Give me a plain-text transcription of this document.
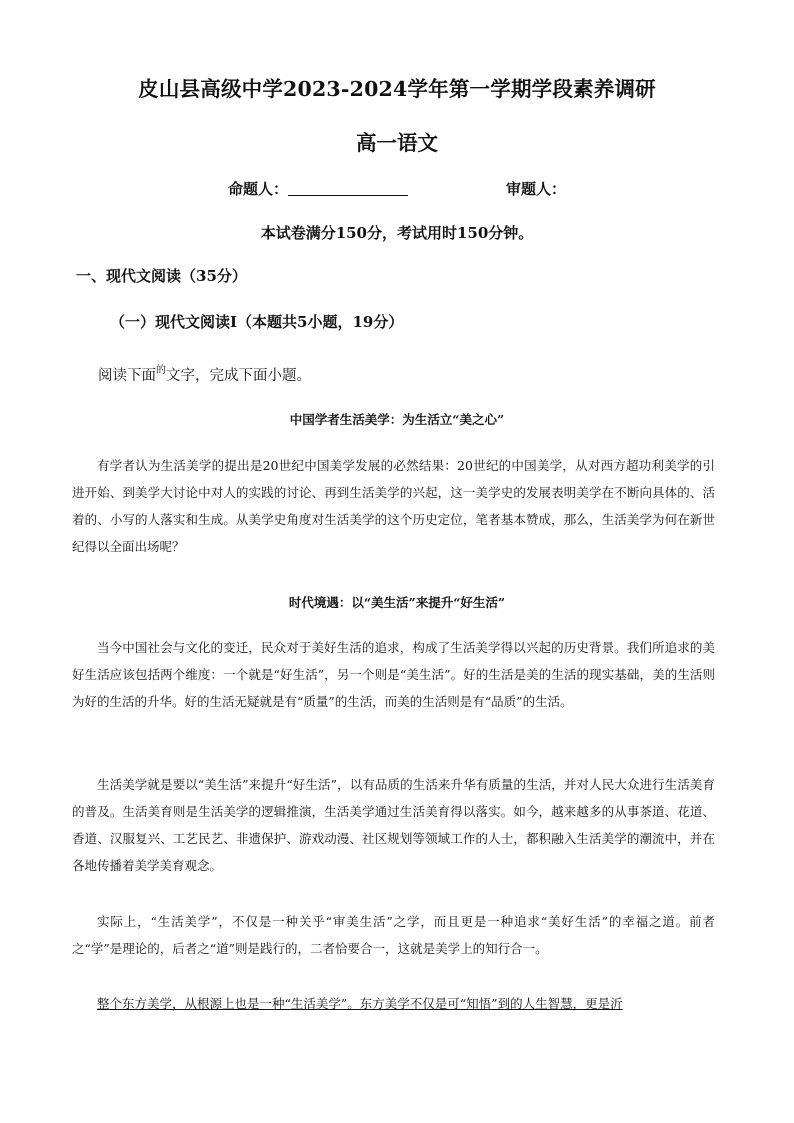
皮山县高级中学2023-2024学年第一学期学段素养调研
高一语文
命题人：	审题人：
本试卷满分150分，考试用时150分钟。
一、现代文阅读（35分）
（一）现代文阅读Ⅰ（本题共5小题，19分）
阅读下面$^的$文字，完成下面小题。
中国学者生活美学：为生活立“美之心”
有学者认为生活美学的提出是20世纪中国美学发展的必然结果：20世纪的中国美学，从对西方超功利美学的引进开始、到美学大讨论中对人的实践的讨论、再到生活美学的兴起，这一美学史的发展表明美学在不断向具体的、活着的、小写的人落实和生成。从美学史角度对生活美学的这个历史定位，笔者基本赞成，那么，生活美学为何在新世纪得以全面出场呢？
时代境遇：以“美生活”来提升“好生活”
当今中国社会与文化的变迁，民众对于美好生活的追求，构成了生活美学得以兴起的历史背景。我们所追求的美好生活应该包括两个维度：一个就是“好生活”，另一个则是“美生活”。好的生活是美的生活的现实基础，美的生活则为好的生活的升华。好的生活无疑就是有“质量”的生活，而美的生活则是有“品质”的生活。
生活美学就是要以“美生活”来提升“好生活”，以有品质的生活来升华有质量的生活，并对人民大众进行生活美育的普及。生活美育则是生活美学的逻辑推演，生活美学通过生活美育得以落实。如今，越来越多的从事茶道、花道、香道、汉服复兴、工艺民艺、非遗保护、游戏动漫、社区规划等领域工作的人士，都积融入生活美学的潮流中，并在各地传播着美学美育观念。
实际上，“生活美学”，不仅是一种关乎“审美生活”之学，而且更是一种追求“美好生活”的幸福之道。前者之“学”是理论的，后者之“道”则是践行的，二者恰要合一，这就是美学上的知行合一。
整个东方美学，从根源上也是一种“生活美学”。东方美学不仅是可“知悟”到的人生智慧，更是沂
